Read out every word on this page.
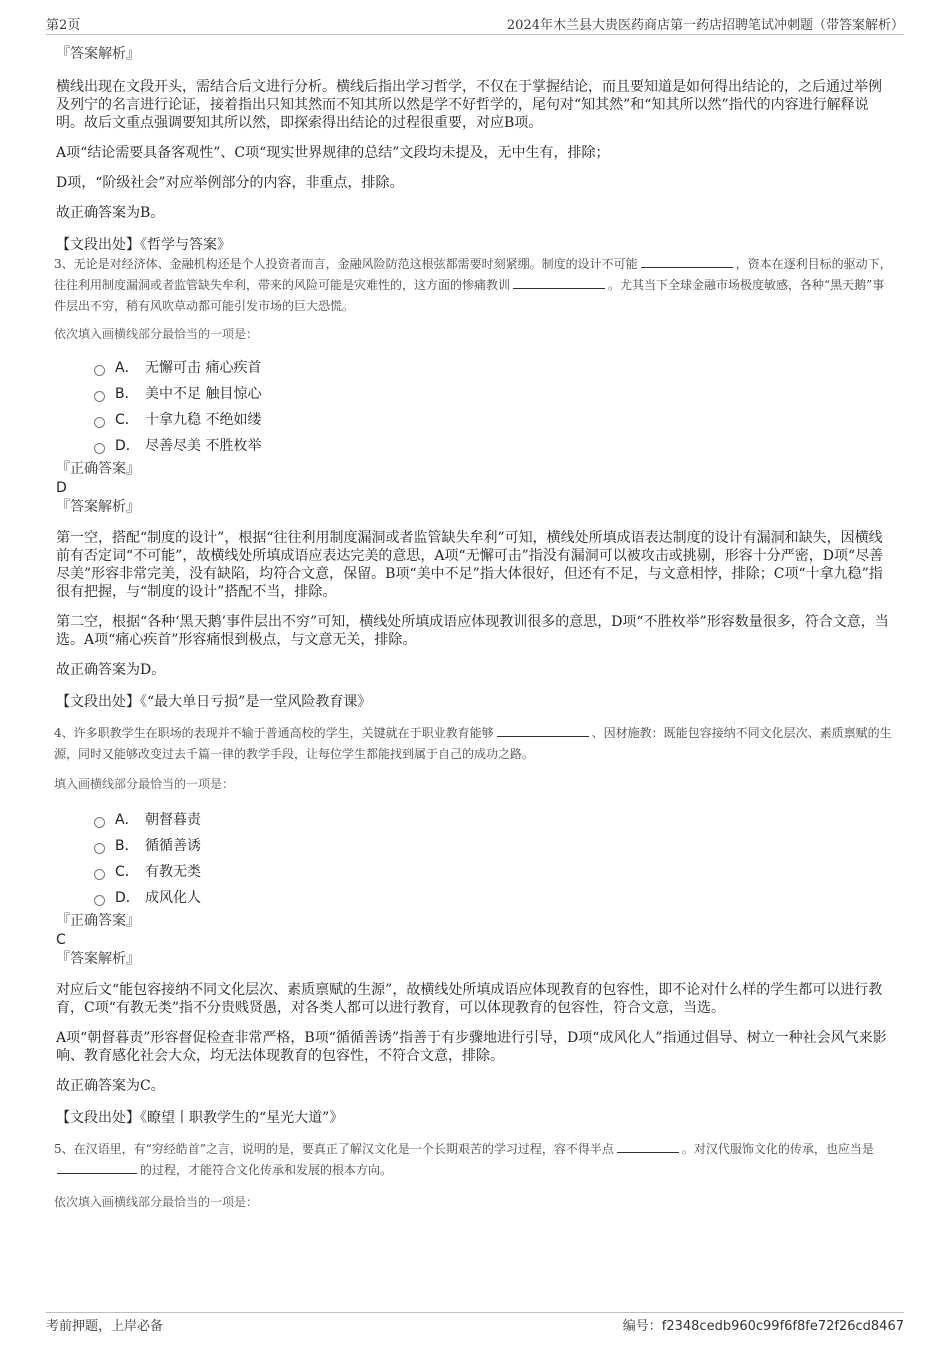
第2页	2024年木兰县大贵医药商店第一药店招聘笔试冲刺题（带答案解析）

『答案解析』

横线出现在文段开头，需结合后文进行分析。横线后指出学习哲学，不仅在于掌握结论，而且要知道是如何得出结论的，之后通过举例及列宁的名言进行论证，接着指出只知其然而不知其所以然是学不好哲学的，尾句对“知其然”和“知其所以然”指代的内容进行解释说明。故后文重点强调要知其所以然，即探索得出结论的过程很重要，对应B项。

A项“结论需要具备客观性”、C项“现实世界规律的总结”文段均未提及，无中生有，排除；

D项，“阶级社会”对应举例部分的内容，非重点，排除。

故正确答案为B。

【文段出处】《哲学与答案》

3、无论是对经济体、金融机构还是个人投资者而言，金融风险防范这根弦都需要时刻紧绷。制度的设计不可能	，资本在逐利目标的驱动下，往往利用制度漏洞或者监管缺失牟利，带来的风险可能是灾难性的，这方面的惨痛教训	。尤其当下全球金融市场极度敏感，各种“黑天鹅”事件层出不穷，稍有风吹草动都可能引发市场的巨大恐慌。

依次填入画横线部分最恰当的一项是：

A． 无懈可击 痛心疾首
B． 美中不足 触目惊心
C． 十拿九稳 不绝如缕
D． 尽善尽美 不胜枚举

『正确答案』

D

『答案解析』

第一空，搭配“制度的设计”，根据“往往利用制度漏洞或者监管缺失牟利”可知，横线处所填成语表达制度的设计有漏洞和缺失，因横线前有否定词“不可能”，故横线处所填成语应表达完美的意思，A项“无懈可击”指没有漏洞可以被攻击或挑剔，形容十分严密，D项“尽善尽美”形容非常完美，没有缺陷，均符合文意，保留。B项“美中不足”指大体很好，但还有不足，与文意相悖，排除；C项“十拿九稳”指很有把握，与“制度的设计”搭配不当，排除。

第二空，根据“各种‘黑天鹅’事件层出不穷”可知，横线处所填成语应体现教训很多的意思，D项“不胜枚举”形容数量很多，符合文意，当选。A项“痛心疾首”形容痛恨到极点，与文意无关，排除。

故正确答案为D。

【文段出处】《“最大单日亏损”是一堂风险教育课》

4、许多职教学生在职场的表现并不输于普通高校的学生，关键就在于职业教育能够	、因材施教：既能包容接纳不同文化层次、素质禀赋的生源，同时又能够改变过去千篇一律的教学手段，让每位学生都能找到属于自己的成功之路。

填入画横线部分最恰当的一项是：

A． 朝督暮责
B． 循循善诱
C． 有教无类
D． 成风化人

『正确答案』

C

『答案解析』

对应后文“能包容接纳不同文化层次、素质禀赋的生源”，故横线处所填成语应体现教育的包容性，即不论对什么样的学生都可以进行教育，C项“有教无类”指不分贵贱贤愚，对各类人都可以进行教育，可以体现教育的包容性，符合文意，当选。

A项“朝督暮责”形容督促检查非常严格，B项“循循善诱”指善于有步骤地进行引导，D项“成风化人”指通过倡导、树立一种社会风气来影响、教育感化社会大众，均无法体现教育的包容性，不符合文意，排除。

故正确答案为C。

【文段出处】《瞭望丨职教学生的“星光大道”》

5、在汉语里，有“穷经皓首”之言，说明的是，要真正了解汉文化是一个长期艰苦的学习过程，容不得半点	。对汉代服饰文化的传承，也应当是的过程，才能符合文化传承和发展的根本方向。

依次填入画横线部分最恰当的一项是：

考前押题，上岸必备	编号：f2348cedb960c99f6f8fe72f26cd8467
